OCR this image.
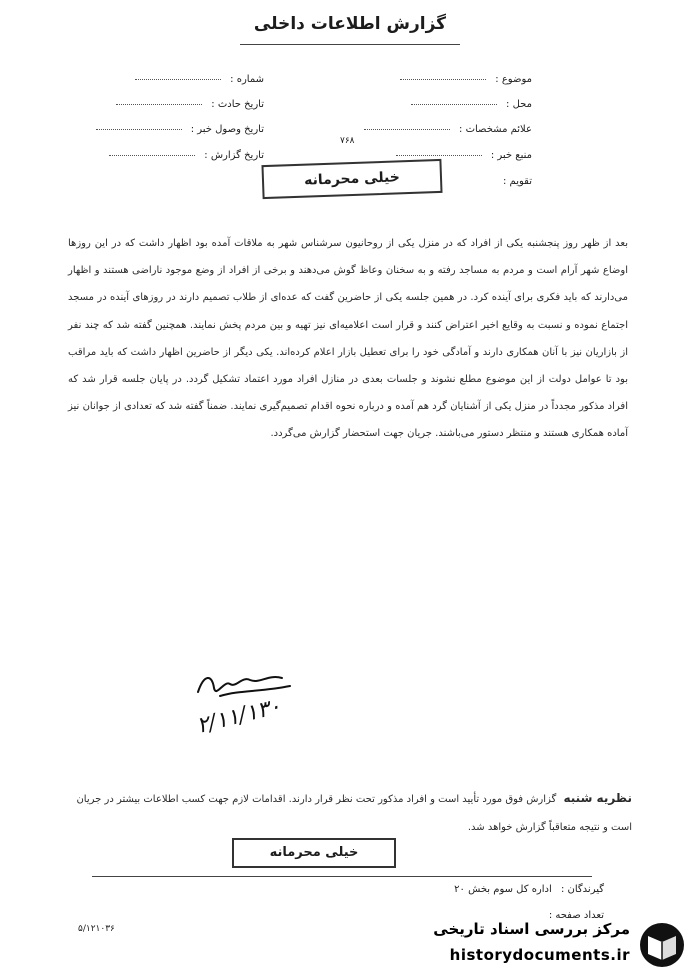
گزارش اطلاعات داخلی
موضوع :
محل :
علائم مشخصات :
منبع خبر :
تقویم :
شماره :
تاریخ حادث :
تاریخ وصول خبر :
تاریخ گزارش :
۷۶۸
خیلی محرمانه
بعد از ظهر روز پنجشنبه یکی از افراد که در منزل یکی از روحانیون سرشناس شهر به ملاقات آمده بود اظهار داشت که در این روزها اوضاع شهر آرام است و مردم به مساجد رفته و به سخنان وعاظ گوش می‌دهند و برخی از افراد از وضع موجود ناراضی هستند و اظهار می‌دارند که باید فکری برای آینده کرد. در همین جلسه یکی از حاضرین گفت که عده‌ای از طلاب تصمیم دارند در روزهای آینده در مسجد اجتماع نموده و نسبت به وقایع اخیر اعتراض کنند و قرار است اعلامیه‌ای نیز تهیه و بین مردم پخش نمایند. همچنین گفته شد که چند نفر از بازاریان نیز با آنان همکاری دارند و آمادگی خود را برای تعطیل بازار اعلام کرده‌اند. یکی دیگر از حاضرین اظهار داشت که باید مراقب بود تا عوامل دولت از این موضوع مطلع نشوند و جلسات بعدی در منازل افراد مورد اعتماد تشکیل گردد. در پایان جلسه قرار شد که افراد مذکور مجدداً در منزل یکی از آشنایان گرد هم آمده و درباره نحوه اقدام تصمیم‌گیری نمایند. ضمناً گفته شد که تعدادی از جوانان نیز آماده همکاری هستند و منتظر دستور می‌باشند. جریان جهت استحضار گزارش می‌گردد.
۲/۱۱/۱۳۰
نظریه شنبه گزارش فوق مورد تأیید است و افراد مذکور تحت نظر قرار دارند. اقدامات لازم جهت کسب اطلاعات بیشتر در جریان است و نتیجه متعاقباً گزارش خواهد شد.
خیلی محرمانه
گیرندگان : اداره کل سوم بخش ۲۰
تعداد صفحه :
۵/۱۲۱۰۳۶	مرکز بررسی اسناد تاریخی
historydocuments.ir
